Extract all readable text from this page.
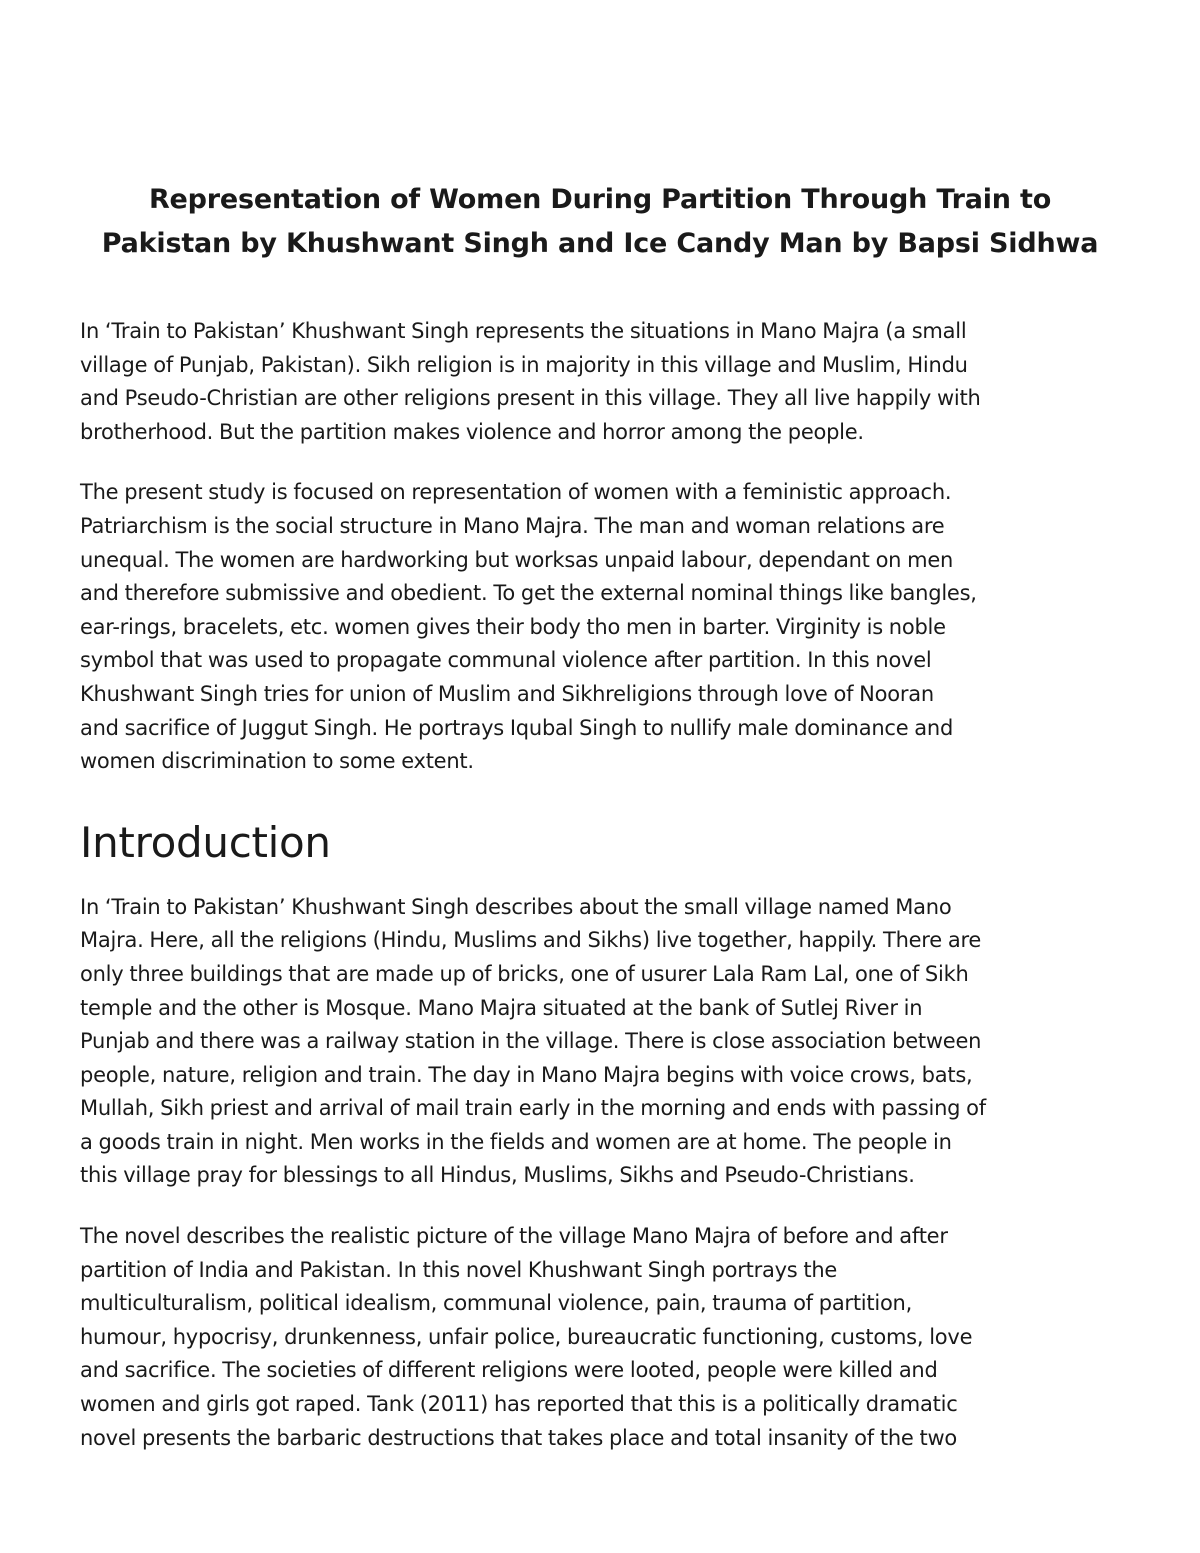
Representation of Women During Partition Through Train to Pakistan by Khushwant Singh and Ice Candy Man by Bapsi Sidhwa

In ‘Train to Pakistan’ Khushwant Singh represents the situations in Mano Majra (a small
village of Punjab, Pakistan). Sikh religion is in majority in this village and Muslim, Hindu
and Pseudo-Christian are other religions present in this village. They all live happily with
brotherhood. But the partition makes violence and horror among the people.

The present study is focused on representation of women with a feministic approach.
Patriarchism is the social structure in Mano Majra. The man and woman relations are
unequal. The women are hardworking but worksas unpaid labour, dependant on men
and therefore submissive and obedient. To get the external nominal things like bangles,
ear-rings, bracelets, etc. women gives their body tho men in barter. Virginity is noble
symbol that was used to propagate communal violence after partition. In this novel
Khushwant Singh tries for union of Muslim and Sikhreligions through love of Nooran
and sacrifice of Juggut Singh. He portrays Iqubal Singh to nullify male dominance and
women discrimination to some extent.

Introduction

In ‘Train to Pakistan’ Khushwant Singh describes about the small village named Mano
Majra. Here, all the religions (Hindu, Muslims and Sikhs) live together, happily. There are
only three buildings that are made up of bricks, one of usurer Lala Ram Lal, one of Sikh
temple and the other is Mosque. Mano Majra situated at the bank of Sutlej River in
Punjab and there was a railway station in the village. There is close association between
people, nature, religion and train. The day in Mano Majra begins with voice crows, bats,
Mullah, Sikh priest and arrival of mail train early in the morning and ends with passing of
a goods train in night. Men works in the fields and women are at home. The people in
this village pray for blessings to all Hindus, Muslims, Sikhs and Pseudo-Christians.

The novel describes the realistic picture of the village Mano Majra of before and after
partition of India and Pakistan. In this novel Khushwant Singh portrays the
multiculturalism, political idealism, communal violence, pain, trauma of partition,
humour, hypocrisy, drunkenness, unfair police, bureaucratic functioning, customs, love
and sacrifice. The societies of different religions were looted, people were killed and
women and girls got raped. Tank (2011) has reported that this is a politically dramatic
novel presents the barbaric destructions that takes place and total insanity of the two
